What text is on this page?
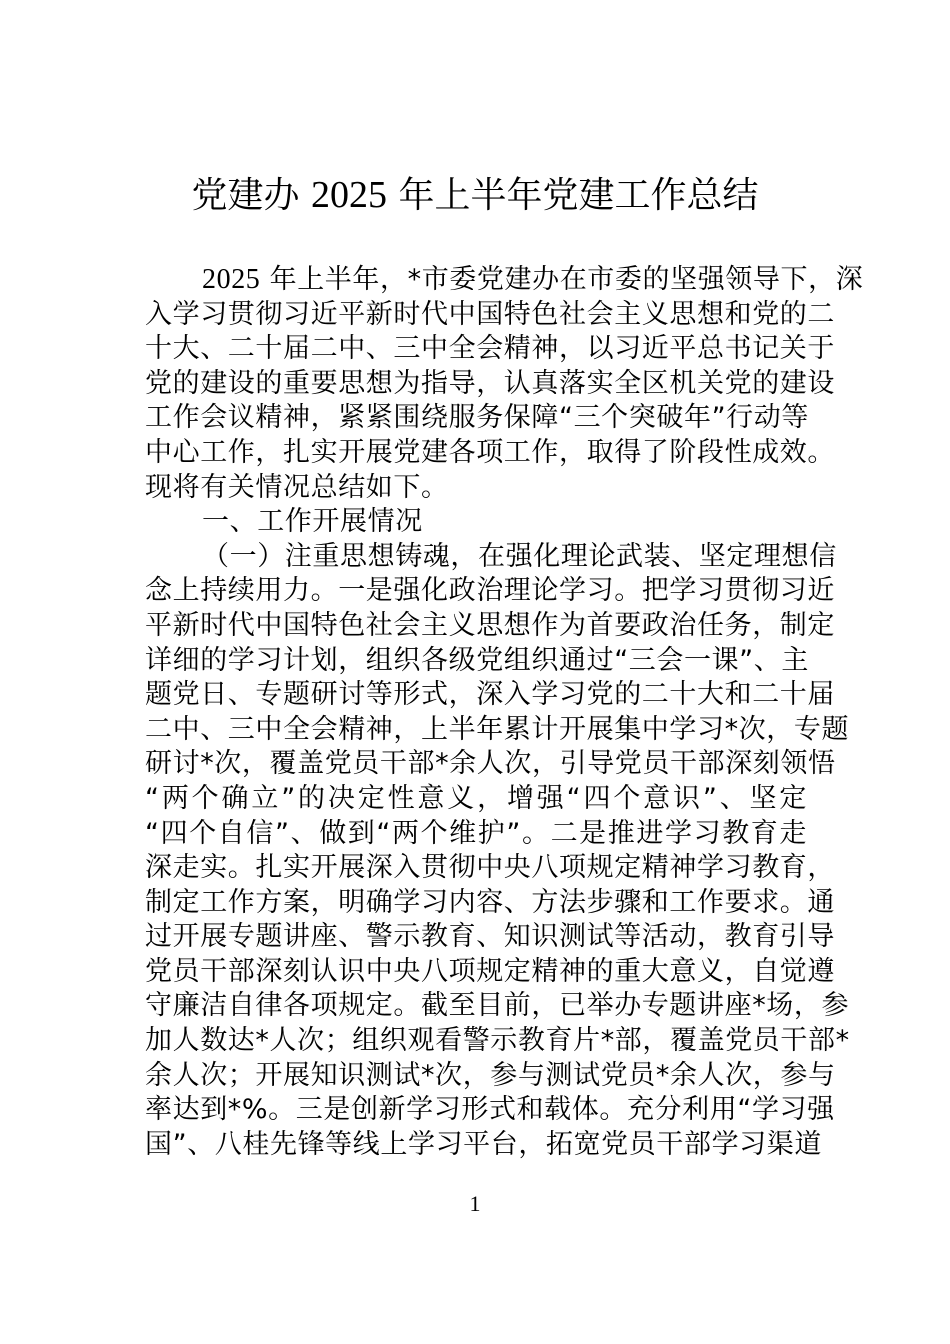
党建办 2025 年上半年党建工作总结
2025 年上半年，*市委党建办在市委的坚强领导下，深
入学习贯彻习近平新时代中国特色社会主义思想和党的二
十大、二十届二中、三中全会精神，以习近平总书记关于
党的建设的重要思想为指导，认真落实全区机关党的建设
工作会议精神，紧紧围绕服务保障“三个突破年”行动等
中心工作，扎实开展党建各项工作，取得了阶段性成效。
现将有关情况总结如下。
一、工作开展情况
（一）注重思想铸魂，在强化理论武装、坚定理想信
念上持续用力。一是强化政治理论学习。把学习贯彻习近
平新时代中国特色社会主义思想作为首要政治任务，制定
详细的学习计划，组织各级党组织通过“三会一课”、主
题党日、专题研讨等形式，深入学习党的二十大和二十届
二中、三中全会精神，上半年累计开展集中学习*次，专题
研讨*次，覆盖党员干部*余人次，引导党员干部深刻领悟
“两个确立”的决定性意义，增强“四个意识”、坚定
“四个自信”、做到“两个维护”。二是推进学习教育走
深走实。扎实开展深入贯彻中央八项规定精神学习教育，
制定工作方案，明确学习内容、方法步骤和工作要求。通
过开展专题讲座、警示教育、知识测试等活动，教育引导
党员干部深刻认识中央八项规定精神的重大意义，自觉遵
守廉洁自律各项规定。截至目前，已举办专题讲座*场，参
加人数达*人次；组织观看警示教育片*部，覆盖党员干部*
余人次；开展知识测试*次，参与测试党员*余人次，参与
率达到*%。三是创新学习形式和载体。充分利用“学习强
国”、八桂先锋等线上学习平台，拓宽党员干部学习渠道
1
